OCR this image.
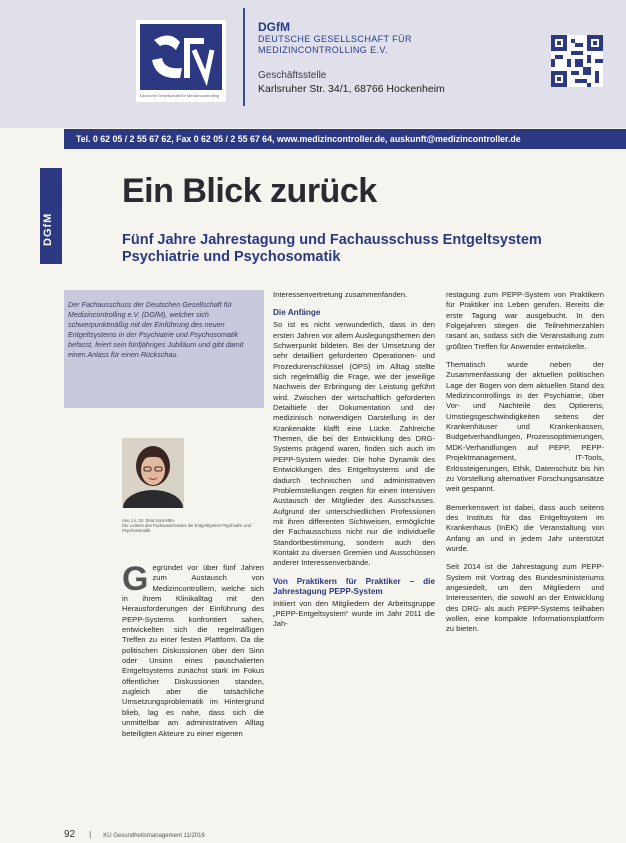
Deutsche Gesellschaft für Medizincontrolling
DGfM
DEUTSCHE GESELLSCHAFT FÜR
MEDIZINCONTROLLING E.V.
Geschäftsstelle
Karlsruher Str. 34/1, 68766 Hockenheim
Tel. 0 62 05 / 2 55 67 62, Fax 0 62 05 / 2 55 67 64, www.medizincontroller.de, auskunft@medizincontroller.de
DGfM
Ein Blick zurück
Fünf Jahre Jahrestagung und Fachausschuss Entgeltsystem Psychiatrie und Psychosomatik

Der Fachausschuss der Deutschen Gesellschaft für Medizincontrolling e.V. (DGfM), welcher sich schwerpunktmäßig mit der Einführung des neuen Entgeltsystems in der Psychiatrie und Psychosomatik befasst, feiert sein fünfjähriges Jubiläum und gibt damit einen Anlass für einen Rückschau.

Ass. Lic. Dr. Dina Sora MBA
Stv. Leiterin des Fachausschusses der Entgeltsystem Psychiatrie und Psychosomatik
G egründet vor über fünf Jahren zum Austausch von Medizincontrollern, welche sich in ihrem Klinikalltag mit den Herausforderungen der Einführung des PEPP-Systems konfrontiert sahen, entwickelten sich die regelmäßigen Treffen zu einer festen Plattform. Da die politischen Diskussionen über den Sinn oder Unsinn eines pauschalierten Entgeltsystems zunächst stark im Fokus öffentlicher Diskussionen standen, zugleich aber die tatsächliche Umsetzungsproblematik im Hintergrund blieb, lag es nahe, dass sich die unmittelbar am administrativen Alltag beteiligten Akteure zu einer eigenen

Interessenvertretung zusammenfanden.

Die Anfänge

So ist es nicht verwunderlich, dass in den ersten Jahren vor allem Auslegungsthemen den Schwerpunkt bildeten. Bei der Umsetzung der sehr detailliert geforderten Operationen- und Prozedurenschlüssel (OPS) im Alltag stellte sich regelmäßig die Frage, wie der jeweilige Nachweis der Erbringung der Leistung geführt wird. Zwischen der wirtschaftlich geforderten Detailtiefe der Dokumentation und der medizinisch notwendigen Darstellung in der Krankenakte klafft eine Lücke. Zahlreiche Themen, die bei der Entwicklung des DRG-Systems prägend waren, finden sich auch im PEPP-System wieder. Die hohe Dynamik des Entwicklungen des Entgeltsystems und die dadurch technischen und administrativen Problemstellungen zeigten für einen intensiven Austausch der Mitglieder des Ausschusses. Aufgrund der unterschiedlichen Professionen mit ihren differenten Sichtweisen, ermöglichte der Fachausschuss nicht nur die individuelle Standortbestimmung, sondern auch den Kontakt zu diversen Gremien und Ausschüssen anderer Interessenverbände.

Von Praktikern für Praktiker – die Jahrestagung PEPP-System

Initiiert von den Mitgliedern der Arbeitsgruppe „PEPP-Entgeltsystem“ wurde im Jahr 2011 die Jah-

restagung zum PEPP-System von Praktikern für Praktiker ins Leben gerufen. Bereits die erste Tagung war ausgebucht. In den Folgejahren stiegen die Teilnehmerzahlen rasant an, sodass sich die Veranstaltung zum größten Treffen für Anwender entwickelte.

Thematisch wurde neben der Zusammenfassung der aktuellen politischen Lage der Bogen von dem aktuellen Stand des Medizincontrollings in der Psychiatrie, über Vor- und Nachteile des Optierens, Umstiegsgeschwindigkeiten seitens der Krankenhäuser und Krankenkassen, Budgetverhandlungen, Prozessoptimierungen, MDK-Verhandlungen auf PEPP, PEPP-Projektmanagement, IT-Tools, Erlössteigerungen, Ethik, Datenschutz bis hin zu Vorstellung alternativer Forschungsansätze weit gespannt.

Bemerkenswert ist dabei, dass auch seitens des Instituts für das Entgeltsystem im Krankenhaus (InEK) die Veranstaltung von Anfang an und in jedem Jahr unterstützt wurde.

Seit 2014 ist die Jahrestagung zum PEPP-System mit Vortrag des Bundesministeriums angesiedelt, um den Mitgliedern und Interessenten, die sowohl an der Entwicklung des DRG- als auch PEPP-Systems teilhaben wollen, eine kompakte Informationsplattform zu bieten.

92 | KU Gesundheitsmanagement 11/2016
